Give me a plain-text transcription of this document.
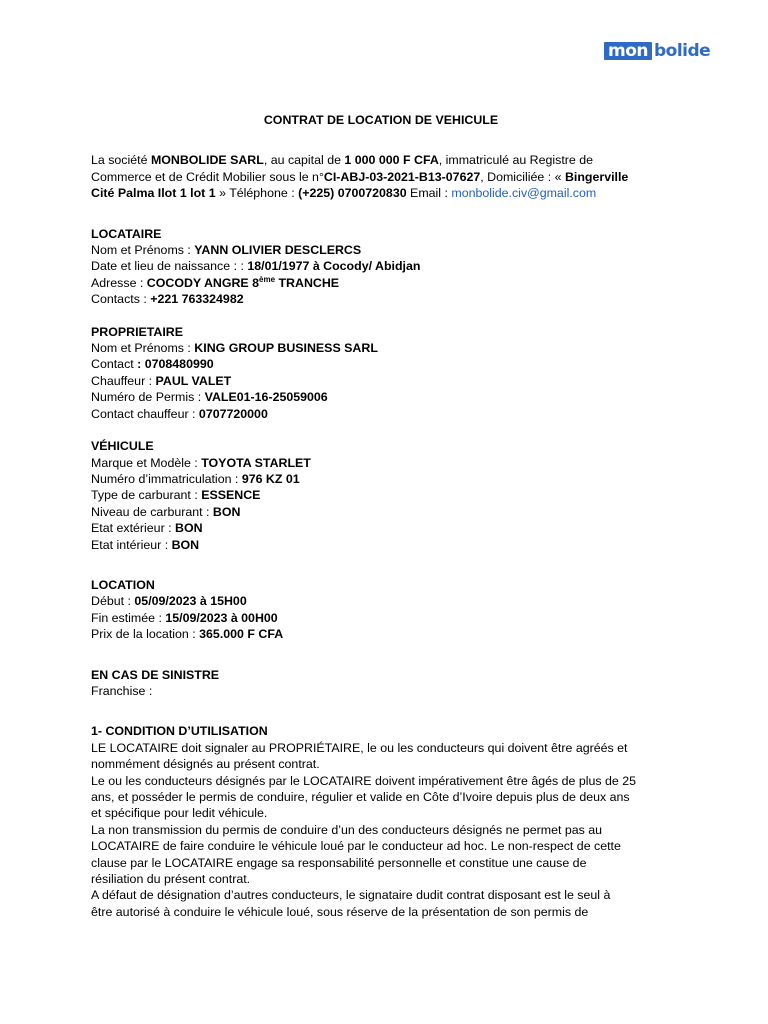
mon bolide
CONTRAT DE LOCATION DE VEHICULE
La société MONBOLIDE SARL, au capital de 1 000 000 F CFA, immatriculé au Registre de
Commerce et de Crédit Mobilier sous le n°CI-ABJ-03-2021-B13-07627, Domiciliée : « Bingerville
Cité Palma Ilot 1 lot 1 » Téléphone : (+225) 0700720830 Email : monbolide.civ@gmail.com
LOCATAIRE
Nom et Prénoms : YANN OLIVIER DESCLERCS
Date et lieu de naissance : : 18/01/1977 à Cocody/ Abidjan
Adresse : COCODY ANGRE 8ème TRANCHE
Contacts : +221 763324982
PROPRIETAIRE
Nom et Prénoms : KING GROUP BUSINESS SARL
Contact : 0708480990
Chauffeur : PAUL VALET
Numéro de Permis : VALE01-16-25059006
Contact chauffeur : 0707720000
VÉHICULE
Marque et Modèle : TOYOTA STARLET
Numéro d’immatriculation : 976 KZ 01
Type de carburant : ESSENCE
Niveau de carburant : BON
Etat extérieur : BON
Etat intérieur : BON
LOCATION
Début : 05/09/2023 à 15H00
Fin estimée : 15/09/2023 à 00H00
Prix de la location : 365.000 F CFA
EN CAS DE SINISTRE
Franchise :
1- CONDITION D’UTILISATION
LE LOCATAIRE doit signaler au PROPRIÉTAIRE, le ou les conducteurs qui doivent être agréés et
nommément désignés au présent contrat.
Le ou les conducteurs désignés par le LOCATAIRE doivent impérativement être âgés de plus de 25
ans, et posséder le permis de conduire, régulier et valide en Côte d’Ivoire depuis plus de deux ans
et spécifique pour ledit véhicule.
La non transmission du permis de conduire d’un des conducteurs désignés ne permet pas au
LOCATAIRE de faire conduire le véhicule loué par le conducteur ad hoc. Le non-respect de cette
clause par le LOCATAIRE engage sa responsabilité personnelle et constitue une cause de
résiliation du présent contrat.
A défaut de désignation d’autres conducteurs, le signataire dudit contrat disposant est le seul à
être autorisé à conduire le véhicule loué, sous réserve de la présentation de son permis de
